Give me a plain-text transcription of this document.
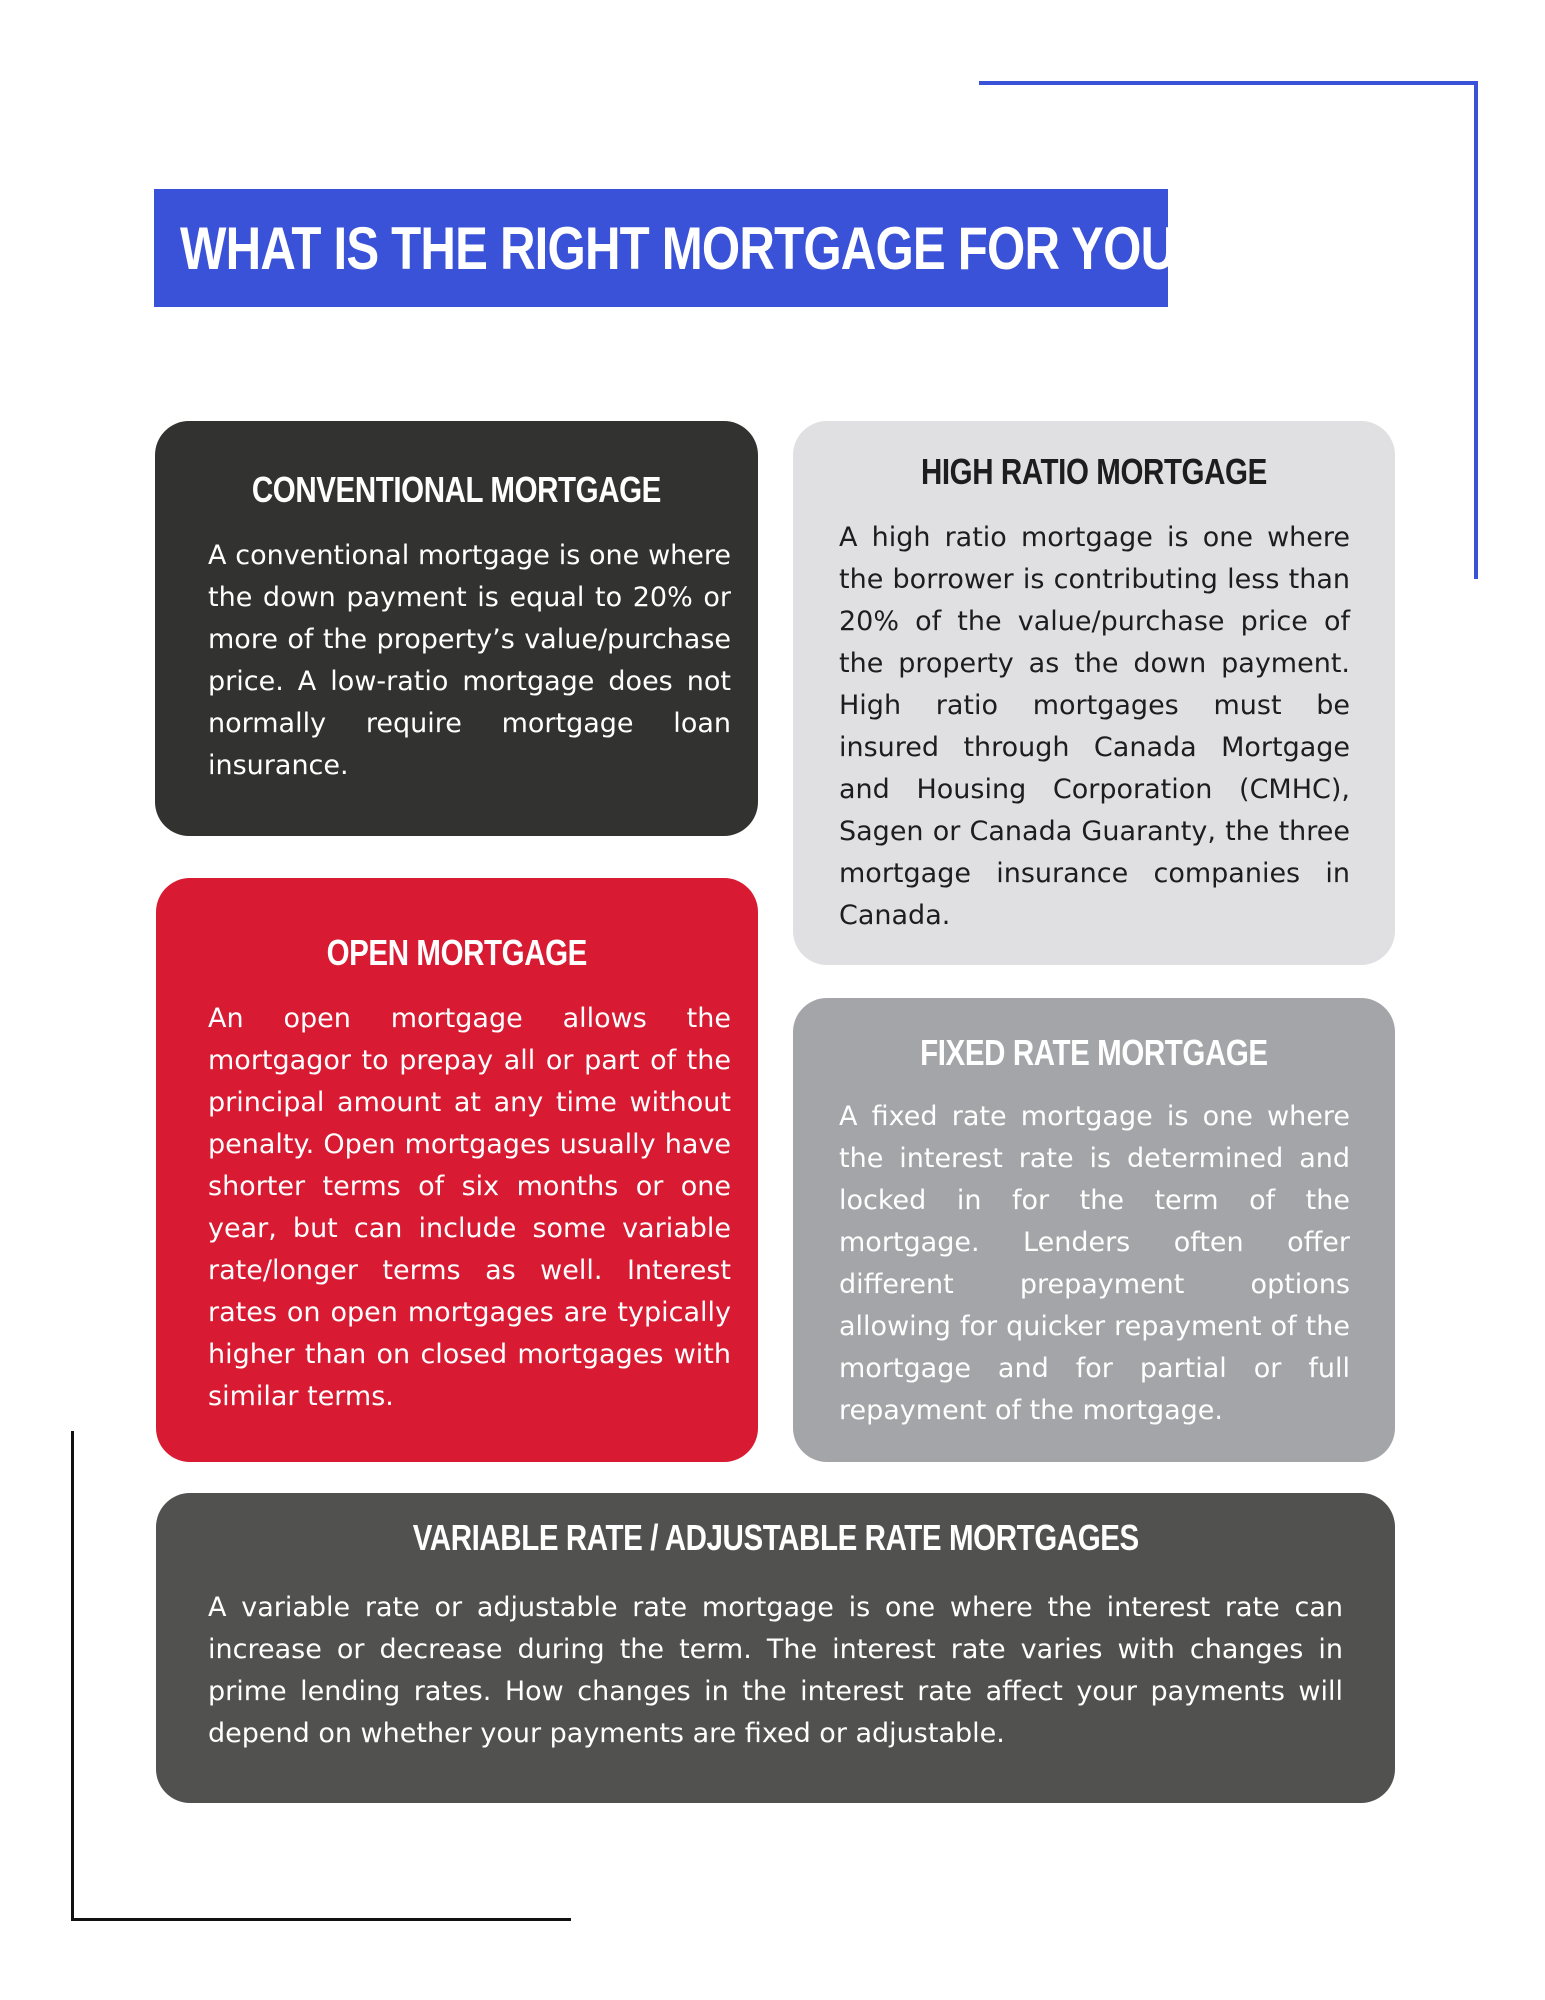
WHAT IS THE RIGHT MORTGAGE FOR YOU?
CONVENTIONAL MORTGAGE

A conventional mortgage is one where the down payment is equal to 20% or more of the property’s value/purchase price. A low-ratio mortgage does not normally require mortgage loan insurance.

HIGH RATIO MORTGAGE

A high ratio mortgage is one where the borrower is contributing less than 20% of the value/purchase price of the property as the down payment. High ratio mortgages must be insured through Canada Mortgage and Housing Corporation (CMHC), Sagen or Canada Guaranty, the three mortgage insurance companies in Canada.

OPEN MORTGAGE

An open mortgage allows the mortgagor to prepay all or part of the principal amount at any time without penalty. Open mortgages usually have shorter terms of six months or one year, but can include some variable rate/longer terms as well. Interest rates on open mortgages are typically higher than on closed mortgages with similar terms.

FIXED RATE MORTGAGE

A fixed rate mortgage is one where the interest rate is determined and locked in for the term of the mortgage. Lenders often offer different prepayment options allowing for quicker repayment of the mortgage and for partial or full repayment of the mortgage.

VARIABLE RATE / ADJUSTABLE RATE MORTGAGES

A variable rate or adjustable rate mortgage is one where the interest rate can increase or decrease during the term. The interest rate varies with changes in prime lending rates. How changes in the interest rate affect your payments will depend on whether your payments are fixed or adjustable.
